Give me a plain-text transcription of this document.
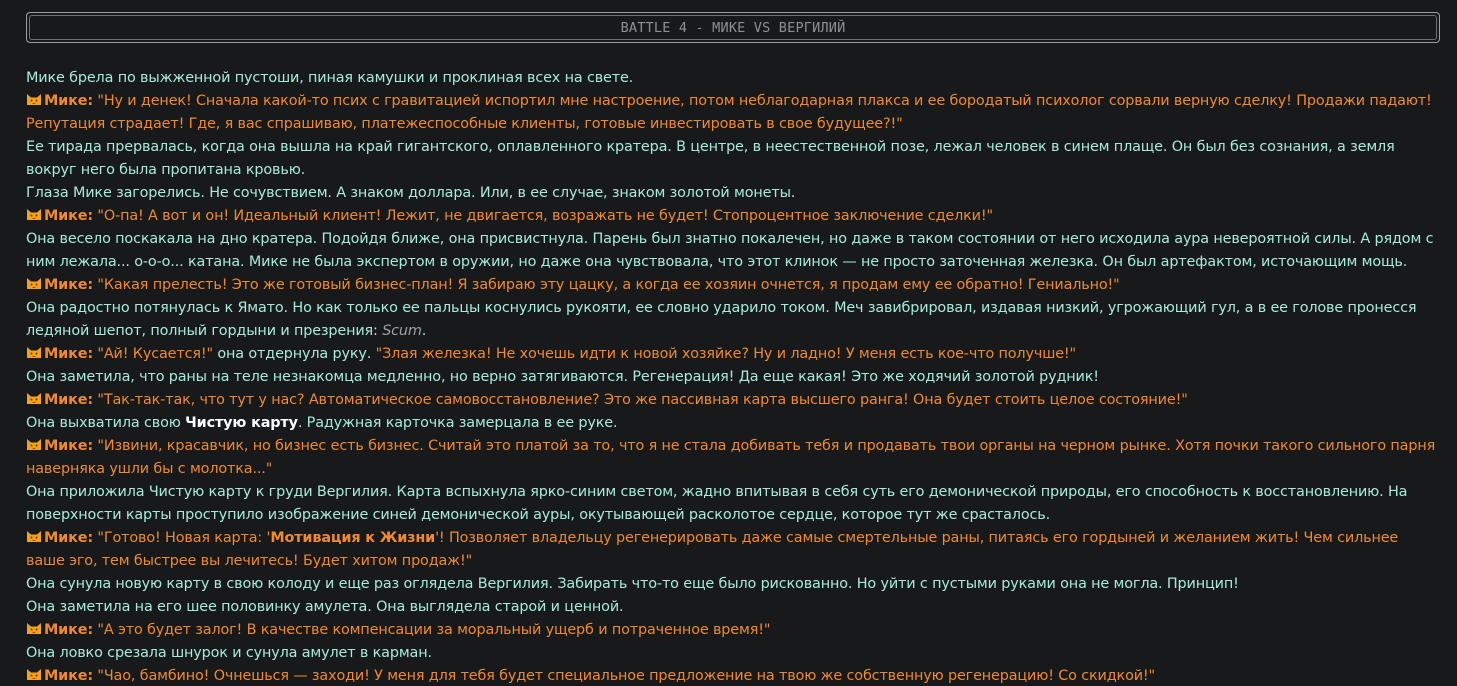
BATTLE 4 - МИКЕ VS ВЕРГИЛИЙ

Мике брела по выжженной пустоши, пиная камушки и проклиная всех на свете.

Мике: "Ну и денек! Сначала какой-то псих с гравитацией испортил мне настроение, потом неблагодарная плакса и ее бородатый психолог сорвали верную сделку! Продажи падают! Репутация страдает! Где, я вас спрашиваю, платежеспособные клиенты, готовые инвестировать в свое будущее?!"

Ее тирада прервалась, когда она вышла на край гигантского, оплавленного кратера. В центре, в неестественной позе, лежал человек в синем плаще. Он был без сознания, а земля вокруг него была пропитана кровью.

Глаза Мике загорелись. Не сочувствием. А знаком доллара. Или, в ее случае, знаком золотой монеты.

Мике: "О-па! А вот и он! Идеальный клиент! Лежит, не двигается, возражать не будет! Стопроцентное заключение сделки!"

Она весело поскакала на дно кратера. Подойдя ближе, она присвистнула. Парень был знатно покалечен, но даже в таком состоянии от него исходила аура невероятной силы. А рядом с ним лежала... о-о-о... катана. Мике не была экспертом в оружии, но даже она чувствовала, что этот клинок — не просто заточенная железка. Он был артефактом, источающим мощь.

Мике: "Какая прелесть! Это же готовый бизнес-план! Я забираю эту цацку, а когда ее хозяин очнется, я продам ему ее обратно! Гениально!"

Она радостно потянулась к Ямато. Но как только ее пальцы коснулись рукояти, ее словно ударило током. Меч завибрировал, издавая низкий, угрожающий гул, а в ее голове пронесся ледяной шепот, полный гордыни и презрения: Scum.

Мике: "Ай! Кусается!" она отдернула руку. "Злая железка! Не хочешь идти к новой хозяйке? Ну и ладно! У меня есть кое-что получше!"

Она заметила, что раны на теле незнакомца медленно, но верно затягиваются. Регенерация! Да еще какая! Это же ходячий золотой рудник!

Мике: "Так-так-так, что тут у нас? Автоматическое самовосстановление? Это же пассивная карта высшего ранга! Она будет стоить целое состояние!"

Она выхватила свою Чистую карту. Радужная карточка замерцала в ее руке.

Мике: "Извини, красавчик, но бизнес есть бизнес. Считай это платой за то, что я не стала добивать тебя и продавать твои органы на черном рынке. Хотя почки такого сильного парня наверняка ушли бы с молотка..."

Она приложила Чистую карту к груди Вергилия. Карта вспыхнула ярко-синим светом, жадно впитывая в себя суть его демонической природы, его способность к восстановлению. На поверхности карты проступило изображение синей демонической ауры, окутывающей расколотое сердце, которое тут же срасталось.

Мике: "Готово! Новая карта: 'Мотивация к Жизни'! Позволяет владельцу регенерировать даже самые смертельные раны, питаясь его гордыней и желанием жить! Чем сильнее ваше эго, тем быстрее вы лечитесь! Будет хитом продаж!"

Она сунула новую карту в свою колоду и еще раз оглядела Вергилия. Забирать что-то еще было рискованно. Но уйти с пустыми руками она не могла. Принцип!

Она заметила на его шее половинку амулета. Она выглядела старой и ценной.

Мике: "А это будет залог! В качестве компенсации за моральный ущерб и потраченное время!"

Она ловко срезала шнурок и сунула амулет в карман.

Мике: "Чао, бамбино! Очнешься — заходи! У меня для тебя будет специальное предложение на твою же собственную регенерацию! Со скидкой!"
